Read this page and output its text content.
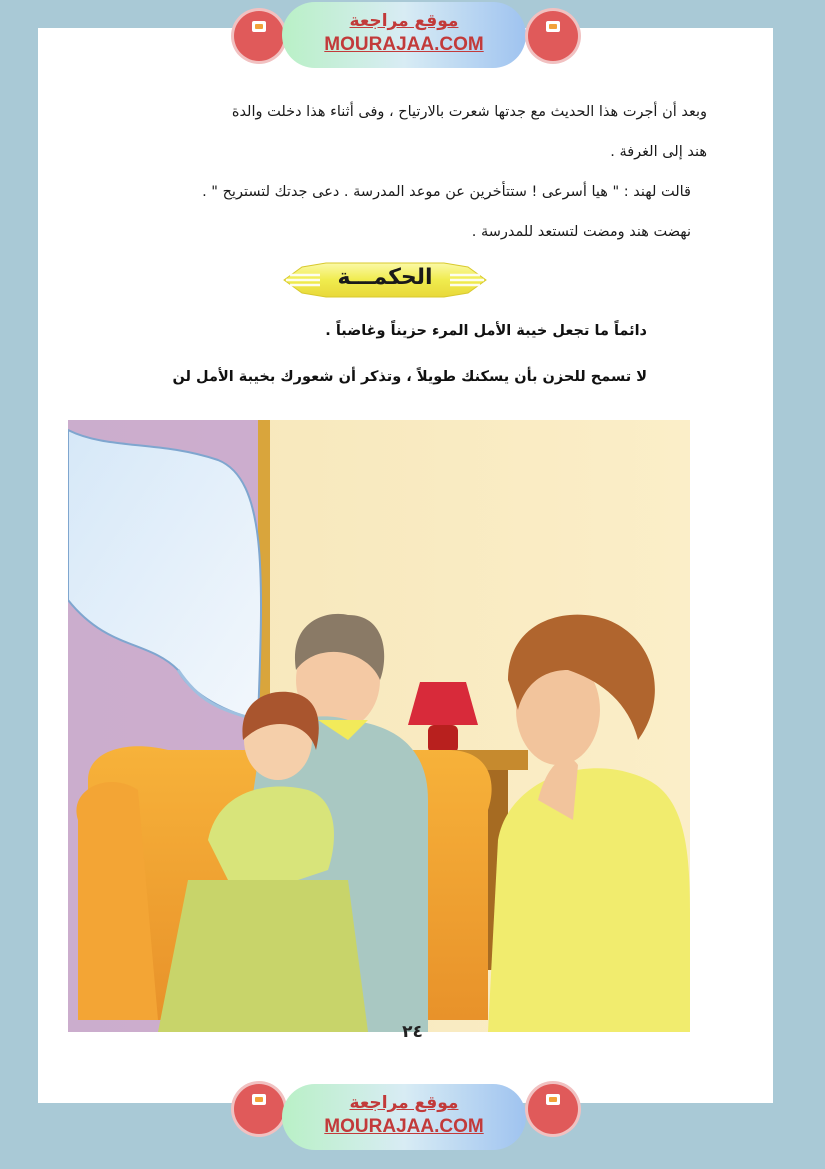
موقع مراجعة
MOURAJAA.COM

وبعد أن أجرت هذا الحديث مع جدتها شعرت بالارتياح ، وفى أثناء هذا دخلت والدة

هند إلى الغرفة .

قالت لهند : " هيا أسرعى ! ستتأخرين عن موعد المدرسة . دعى جدتك لتستريح " .

نهضت هند ومضت لتستعد للمدرسة .

الحكمـــة

دائماً ما تجعل خيبة الأمل المرء حزيناً وغاضباً .

لا تسمح للحزن بأن يسكنك طويلاً ، وتذكر أن شعورك بخيبة الأمل لن

٢٤
موقع مراجعة
MOURAJAA.COM
